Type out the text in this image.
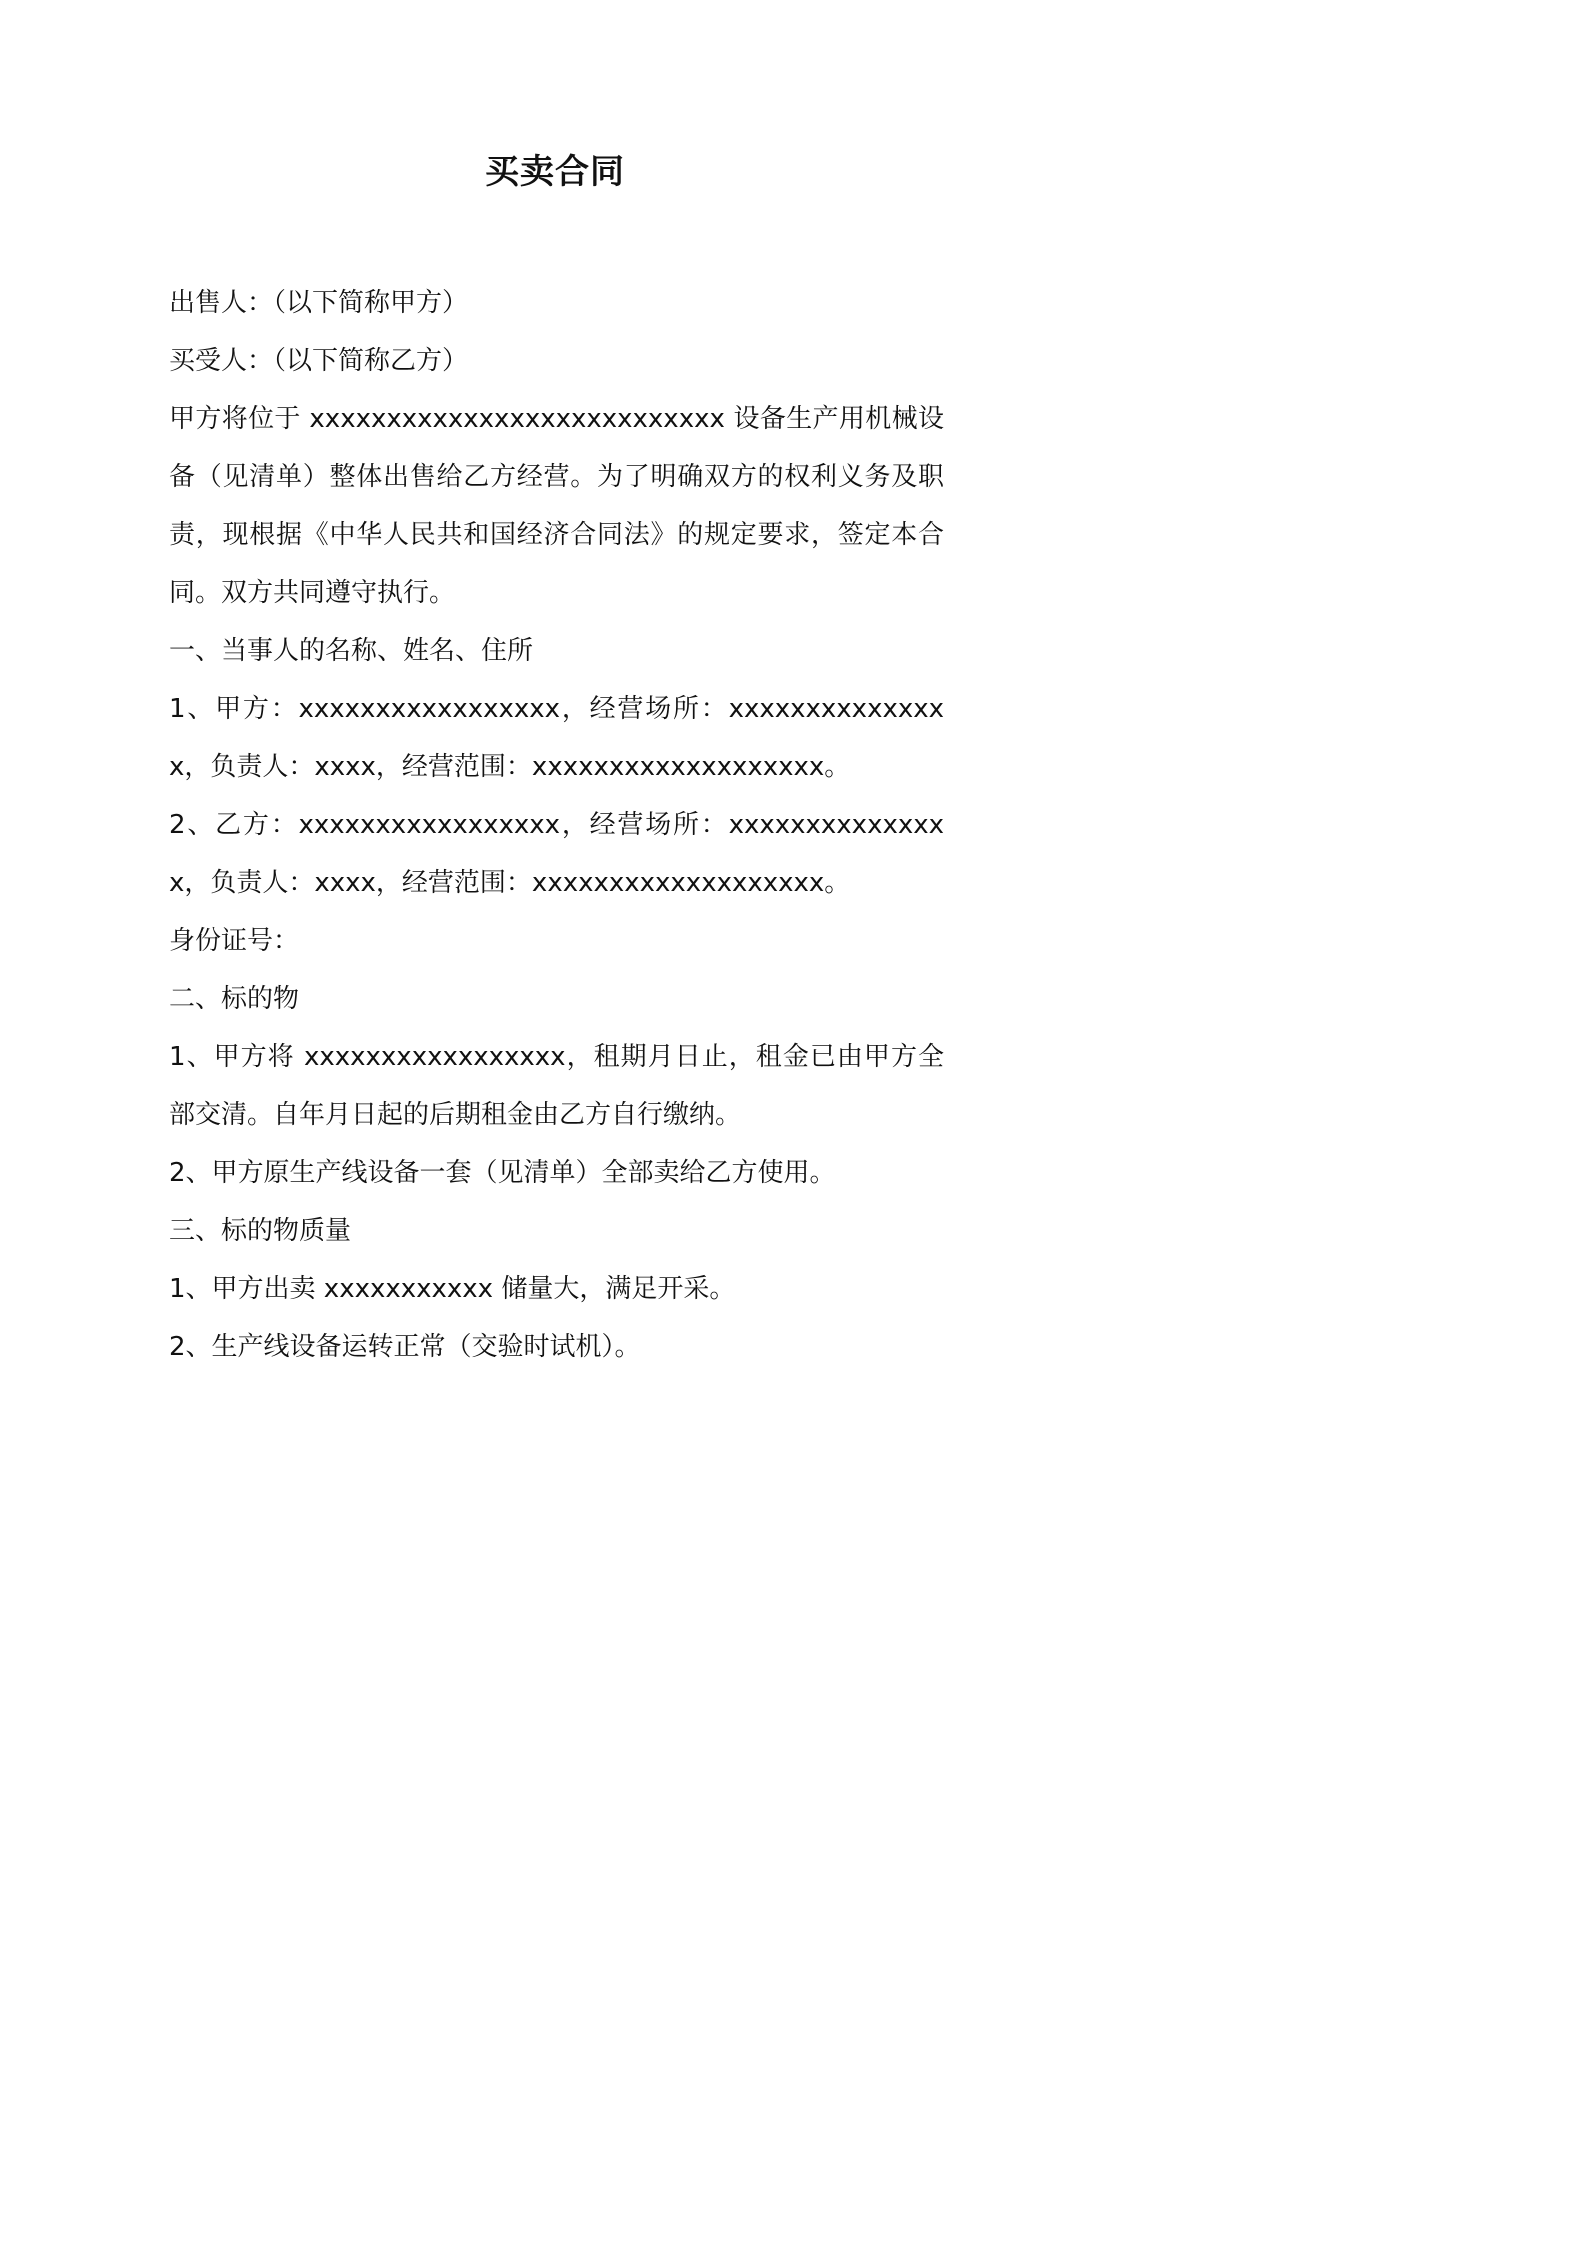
买卖合同

出售人：（以下简称甲方）

买受人：（以下简称乙方）

甲方将位于 xxxxxxxxxxxxxxxxxxxxxxxxxxx 设备生产用机械设备（见清单）整体出售给乙方经营。为了明确双方的权利义务及职责，现根据《中华人民共和国经济合同法》的规定要求，签定本合同。双方共同遵守执行。

一、当事人的名称、姓名、住所

1、甲方：xxxxxxxxxxxxxxxxx，经营场所：xxxxxxxxxxxxxxx，负责人：xxxx，经营范围：xxxxxxxxxxxxxxxxxxx。

2、乙方：xxxxxxxxxxxxxxxxx，经营场所：xxxxxxxxxxxxxxx，负责人：xxxx，经营范围：xxxxxxxxxxxxxxxxxxx。

身份证号：

二、标的物

1、甲方将 xxxxxxxxxxxxxxxxx，租期月日止，租金已由甲方全部交清。自年月日起的后期租金由乙方自行缴纳。

2、甲方原生产线设备一套（见清单）全部卖给乙方使用。

三、标的物质量

1、甲方出卖 xxxxxxxxxxx 储量大，满足开采。

2、生产线设备运转正常（交验时试机）。
